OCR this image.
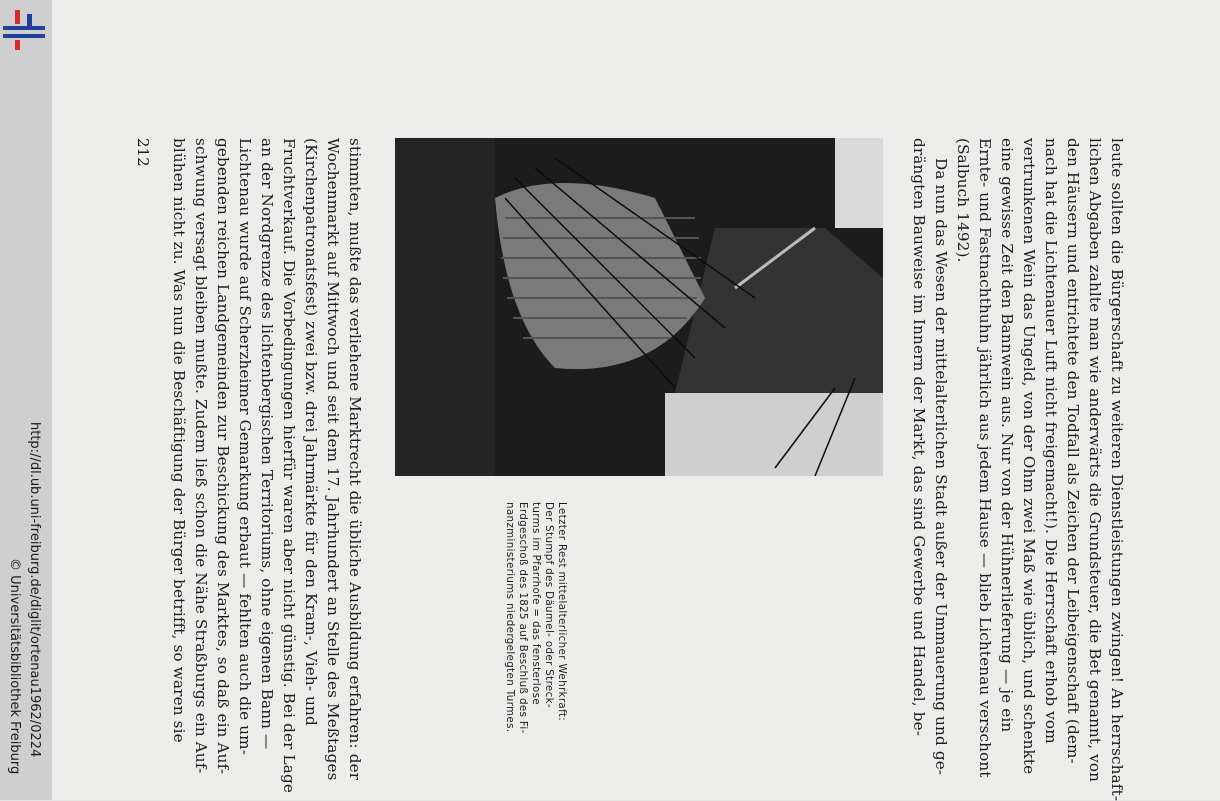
http://dl.ub.uni-freiburg.de/diglit/ortenau1962/0224
© Universitätsbibliothek Freiburg	leute sollten die Bürgerschaft zu weiteren Dienstleistungen zwingen! An herrschaft-
lichen Abgaben zahlte man wie anderwärts die Grundsteuer, die Bet genannt, von
den Häusern und entrichtete den Todfall als Zeichen der Leibeigenschaft (dem-
nach hat die Lichtenauer Luft nicht freigemacht!). Die Herrschaft erhob vom
vertrunkenen Wein das Ungeld, von der Ohm zwei Maß wie üblich, und schenkte
eine gewisse Zeit den Bannwein aus. Nur von der Hühnerlieferung — je ein
Ernte- und Fastnachthuhn jährlich aus jedem Hause — blieb Lichtenau verschont
(Salbuch 1492).
Da nun das Wesen der mittelalterlichen Stadt außer der Ummauerung und ge-
drängten Bauweise im Innern der Markt, das sind Gewerbe und Handel, be-
Letzter Rest mittelalterlicher Wehrkraft:
Der Stumpf des Däumel- oder Streck-
turms im Pfarrhofe = das fensterlose
Erdgeschoß des 1825 auf Beschluß des Fi-
nanzministeriums niedergelegten Turmes.
stimmten, mußte das verliehene Marktrecht die übliche Ausbildung erfahren: der
Wochenmarkt auf Mittwoch und seit dem 17. Jahrhundert an Stelle des Meßtages
(Kirchenpatronatsfest) zwei bzw. drei Jahrmärkte für den Kram-, Vieh- und
Fruchtverkauf. Die Vorbedingungen hierfür waren aber nicht günstig. Bei der Lage
an der Nordgrenze des lichtenbergischen Territoriums, ohne eigenen Bann —
Lichtenau wurde auf Scherzheimer Gemarkung erbaut — fehlten auch die um-
gebenden reichen Landgemeinden zur Beschickung des Marktes, so daß ein Auf-
schwung versagt bleiben mußte. Zudem ließ schon die Nähe Straßburgs ein Auf-
blühen nicht zu. Was nun die Beschäftigung der Bürger betrifft, so waren sie
212
